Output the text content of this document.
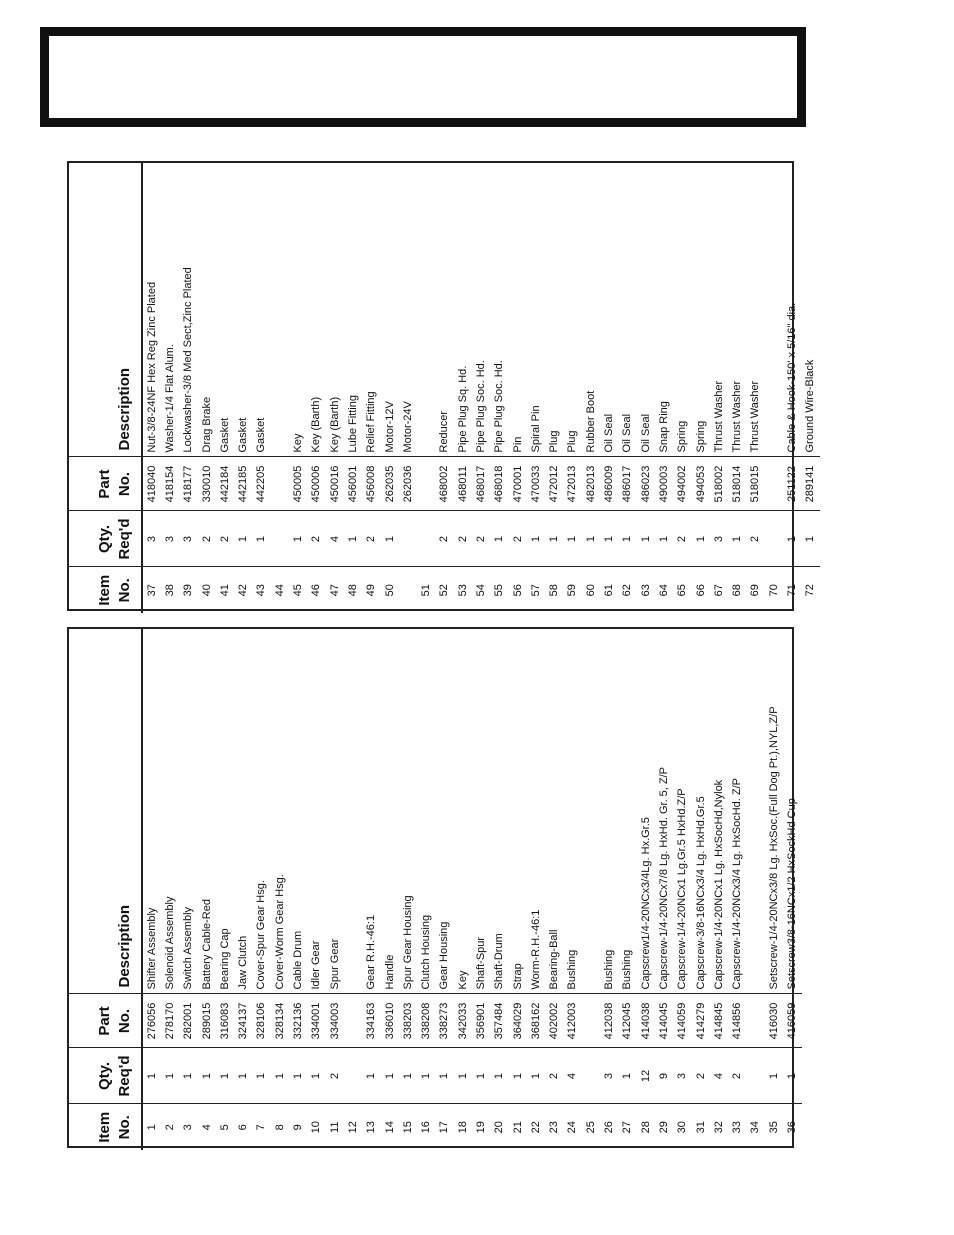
Item No.	Qty. Req'd	Part No.	Description
1	1	276056	Shifter Assembly
2	1	278170	Solenoid Assembly
3	1	282001	Switch Assembly
4	1	289015	Battery Cable-Red
5	1	316083	Bearing Cap
6	1	324137	Jaw Clutch
7	1	328106	Cover-Spur Gear Hsg.
8	1	328134	Cover-Worm Gear Hsg.
9	1	332136	Cable Drum
10	1	334001	Idler Gear
11	2	334003	Spur Gear
12			
13	1	334163	Gear R.H.-46:1
14	1	336010	Handle
15	1	338203	Spur Gear Housing
16	1	338208	Clutch Housing
17	1	338273	Gear Housing
18	1	342033	Key
19	1	356901	Shaft-Spur
20	1	357484	Shaft-Drum
21	1	364029	Strap
22	1	368162	Worm-R.H.-46:1
23	2	402002	Bearing-Ball
24	4	412003	Bushing
25			
26	3	412038	Bushing
27	1	412045	Bushing
28	12	414038	Capscrew1/4-20NCx3/4Lg. Hx.Gr.5
29	9	414045	Capscrew-1/4-20NCx7/8 Lg. HxHd. Gr. 5, Z/P
30	3	414059	Capscrew-1/4-20NCx1 Lg.Gr.5 HxHd.Z/P
31	2	414279	Capscrew-3/8-16NCx3/4 Lg. HxHd.Gr.5
32	4	414845	Capscrew-1/4-20NCx1 Lg. HxSocHd,Nylok
33	2	414856	Capscrew-1/4-20NCx3/4 Lg. HxSocHd. Z/P
34			
35	1	416030	Setscrew-1/4-20NCx3/8 Lg. HxSoc.(Full Dog Pt.),NYL,Z/P
36	1	416059	Setscrew3/8-16NCx1/2 HxSockHd Cup
Item No.	Qty. Req'd	Part No.	Description
37	3	418040	Nut-3/8-24NF Hex Reg Zinc Plated
38	3	418154	Washer-1/4 Flat Alum.
39	3	418177	Lockwasher-3/8 Med Sect,Zinc Plated
40	2	330010	Drag Brake
41	2	442184	Gasket
42	1	442185	Gasket
43	1	442205	Gasket
44			
45	1	450005	Key
46	2	450006	Key (Barth)
47	4	450016	Key (Barth)
48	1	456001	Lube Fitting
49	2	456008	Relief Fitting
50	1	262035	Motor-12V
		262036	Motor-24V
51			
52	2	468002	Reducer
53	2	468011	Pipe Plug Sq. Hd.
54	2	468017	Pipe Plug Soc. Hd.
55	1	468018	Pipe Plug Soc. Hd.
56	2	470001	Pin
57	1	470033	Spiral Pin
58	1	472012	Plug
59	1	472013	Plug
60	1	482013	Rubber Boot
61	1	486009	Oil Seal
62	1	486017	Oil Seal
63	1	486023	Oil Seal
64	1	490003	Snap Ring
65	2	494002	Spring
66	1	494053	Spring
67	3	518002	Thrust Washer
68	1	518014	Thrust Washer
69	2	518015	Thrust Washer
70			
71	1	251122	Cable & Hook-150' x 5/16" dia.
72	1	289141	Ground Wire-Black
